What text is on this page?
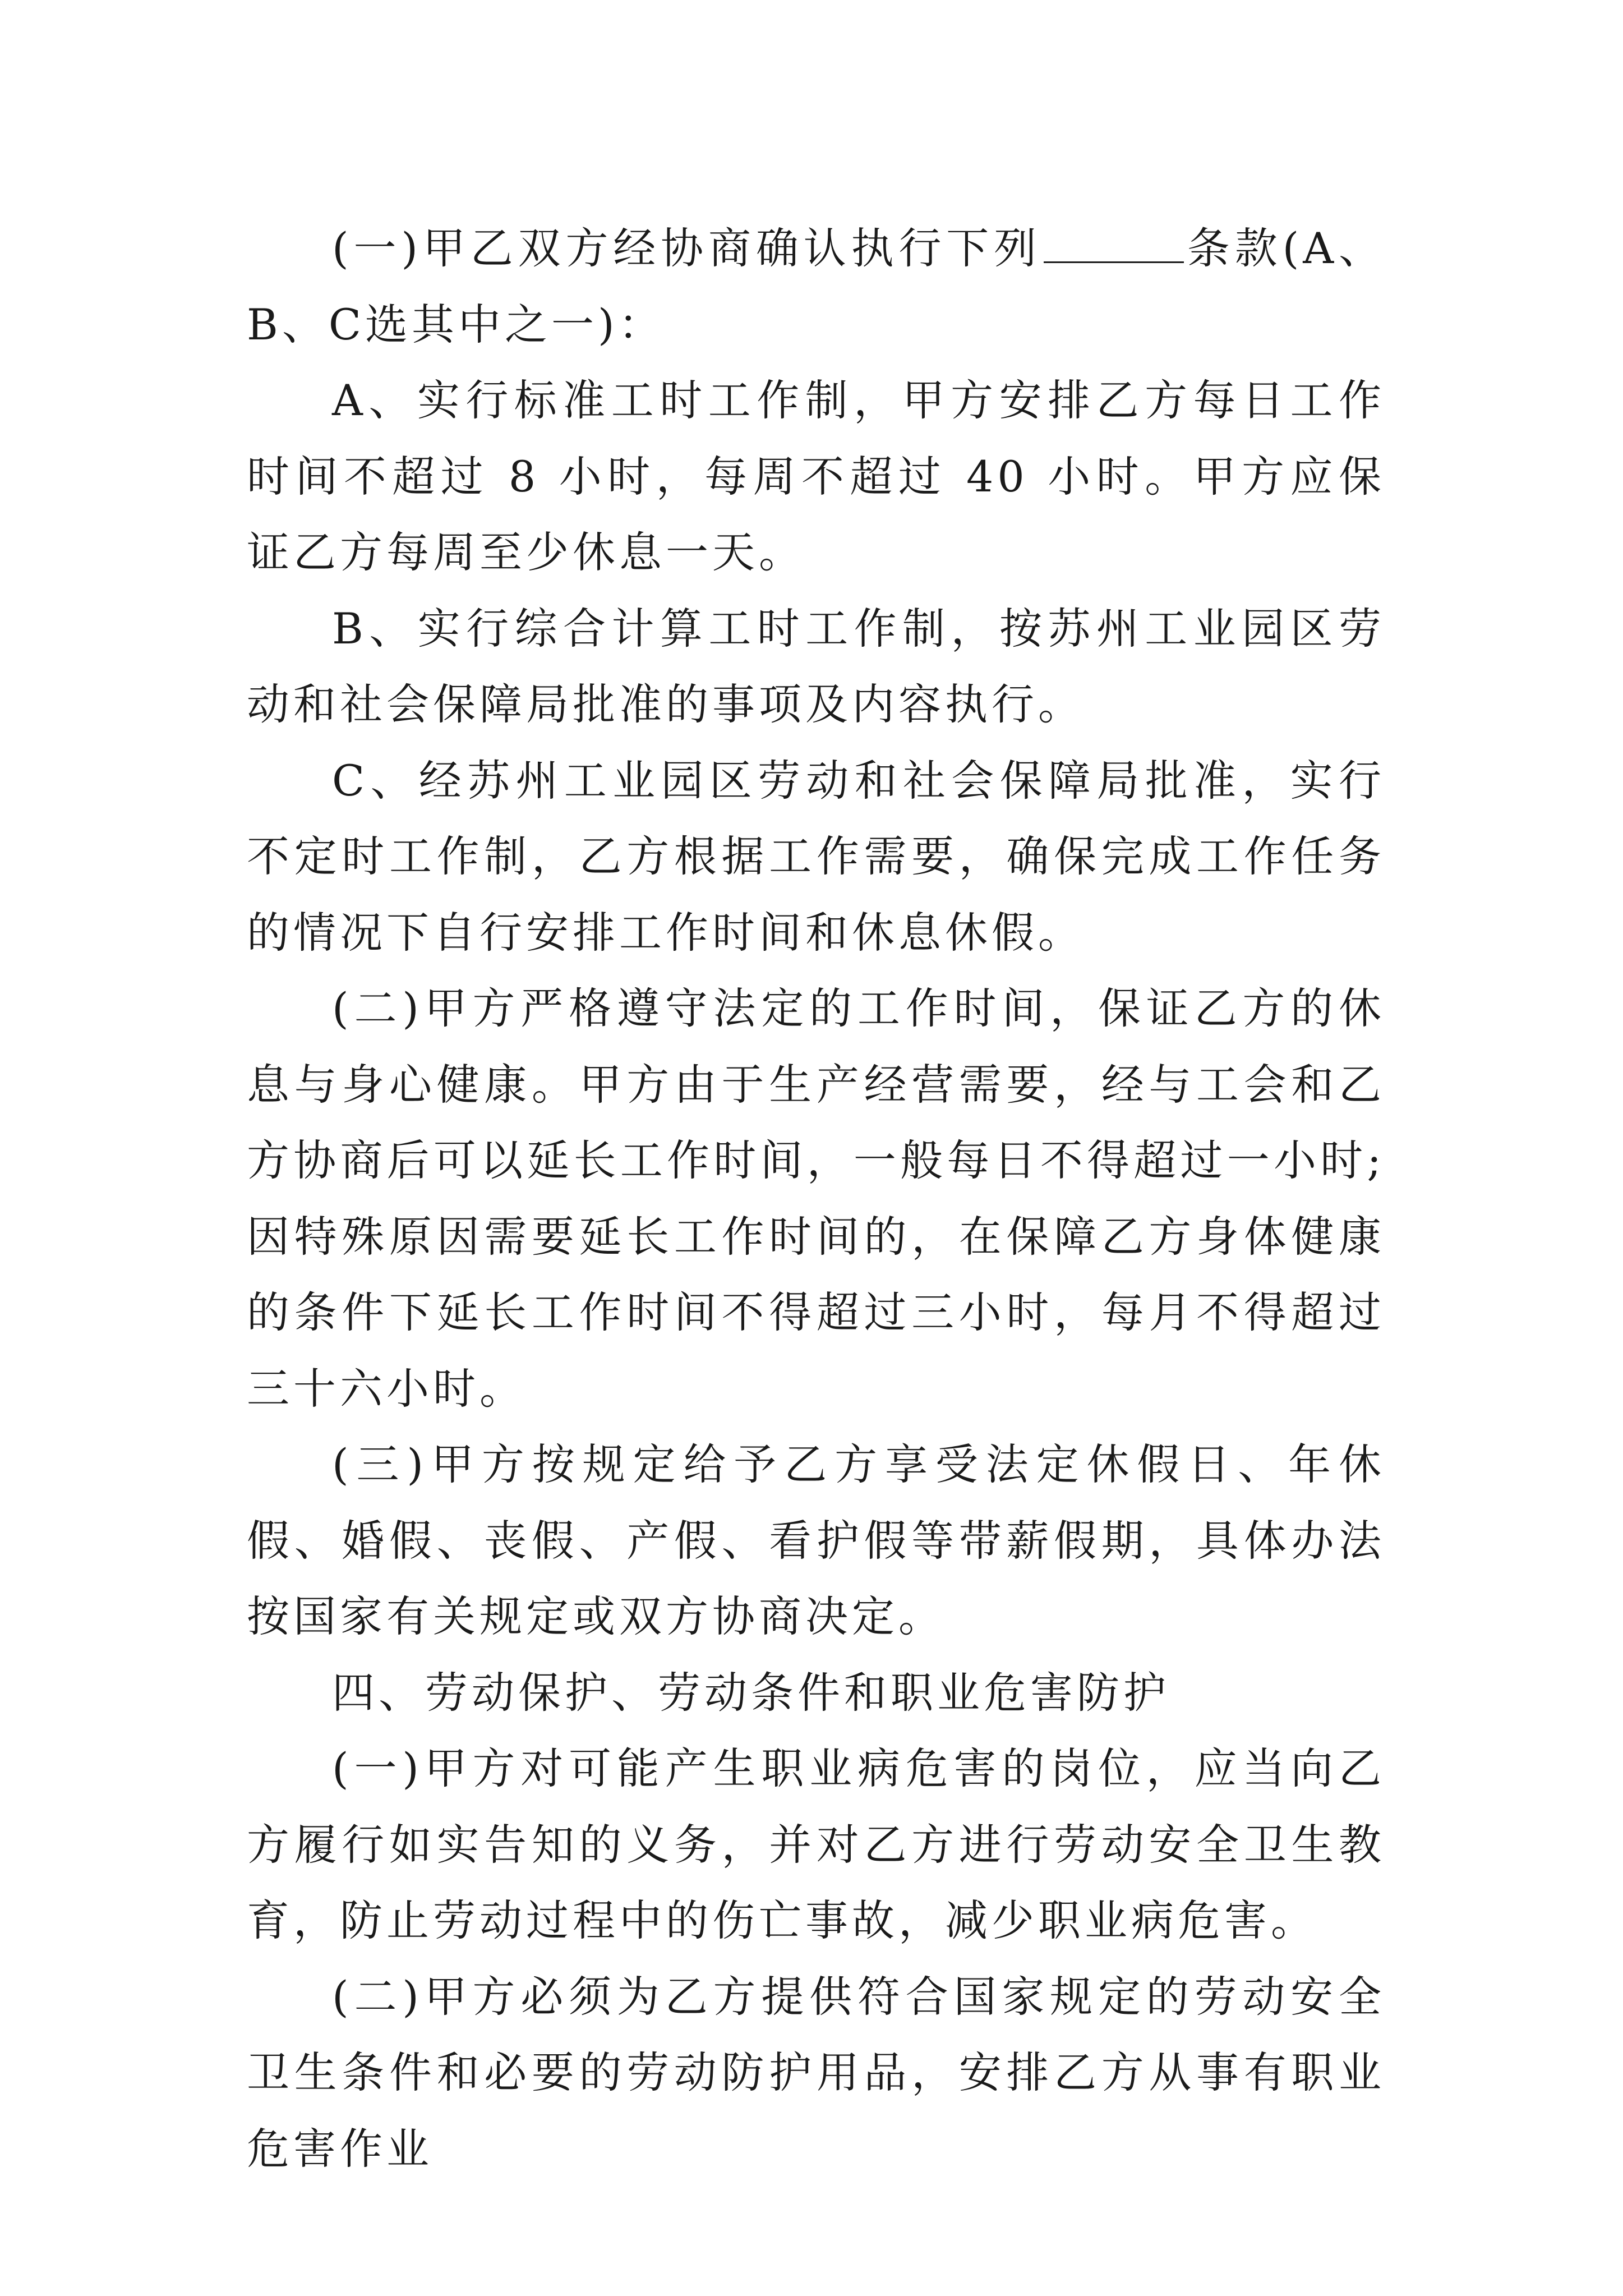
(一)甲乙双方经协商确认执行下列	条款(A、B、C选其中之一)：

A、实行标准工时工作制，甲方安排乙方每日工作时间不超过 8 小时，每周不超过 40 小时。甲方应保证乙方每周至少休息一天。

B、实行综合计算工时工作制，按苏州工业园区劳动和社会保障局批准的事项及内容执行。

C、经苏州工业园区劳动和社会保障局批准，实行不定时工作制，乙方根据工作需要，确保完成工作任务的情况下自行安排工作时间和休息休假。

(二)甲方严格遵守法定的工作时间，保证乙方的休息与身心健康。甲方由于生产经营需要，经与工会和乙方协商后可以延长工作时间，一般每日不得超过一小时;因特殊原因需要延长工作时间的，在保障乙方身体健康的条件下延长工作时间不得超过三小时，每月不得超过三十六小时。

(三)甲方按规定给予乙方享受法定休假日、年休假、婚假、丧假、产假、看护假等带薪假期，具体办法按国家有关规定或双方协商决定。

四、劳动保护、劳动条件和职业危害防护

(一)甲方对可能产生职业病危害的岗位，应当向乙方履行如实告知的义务，并对乙方进行劳动安全卫生教育，防止劳动过程中的伤亡事故，减少职业病危害。

(二)甲方必须为乙方提供符合国家规定的劳动安全卫生条件和必要的劳动防护用品，安排乙方从事有职业危害作业
